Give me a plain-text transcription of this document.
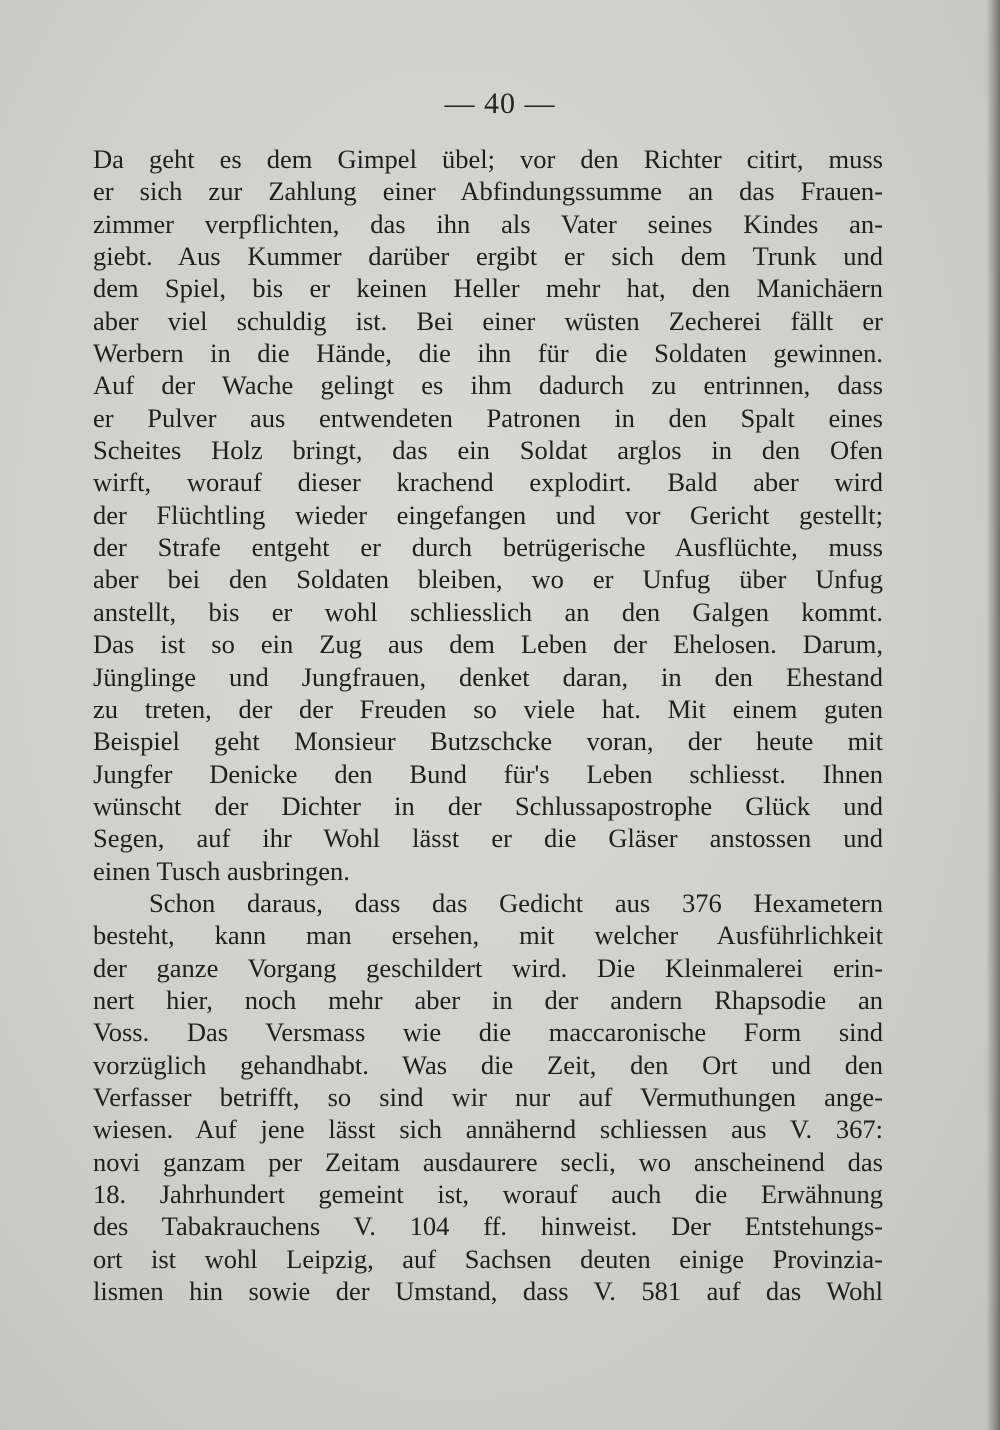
— 40 —

Da geht es dem Gimpel übel; vor den Richter citirt, muss
er sich zur Zahlung einer Abfindungssumme an das Frauen-
zimmer verpflichten, das ihn als Vater seines Kindes an-
giebt. Aus Kummer darüber ergibt er sich dem Trunk und
dem Spiel, bis er keinen Heller mehr hat, den Manichäern
aber viel schuldig ist. Bei einer wüsten Zecherei fällt er
Werbern in die Hände, die ihn für die Soldaten gewinnen.
Auf der Wache gelingt es ihm dadurch zu entrinnen, dass
er Pulver aus entwendeten Patronen in den Spalt eines
Scheites Holz bringt, das ein Soldat arglos in den Ofen
wirft, worauf dieser krachend explodirt. Bald aber wird
der Flüchtling wieder eingefangen und vor Gericht gestellt;
der Strafe entgeht er durch betrügerische Ausflüchte, muss
aber bei den Soldaten bleiben, wo er Unfug über Unfug
anstellt, bis er wohl schliesslich an den Galgen kommt.
Das ist so ein Zug aus dem Leben der Ehelosen. Darum,
Jünglinge und Jungfrauen, denket daran, in den Ehestand
zu treten, der der Freuden so viele hat. Mit einem guten
Beispiel geht Monsieur Butzschcke voran, der heute mit
Jungfer Denicke den Bund für's Leben schliesst. Ihnen
wünscht der Dichter in der Schlussapostrophe Glück und
Segen, auf ihr Wohl lässt er die Gläser anstossen und
einen Tusch ausbringen.
Schon daraus, dass das Gedicht aus 376 Hexametern
besteht, kann man ersehen, mit welcher Ausführlichkeit
der ganze Vorgang geschildert wird. Die Kleinmalerei erin-
nert hier, noch mehr aber in der andern Rhapsodie an
Voss. Das Versmass wie die maccaronische Form sind
vorzüglich gehandhabt. Was die Zeit, den Ort und den
Verfasser betrifft, so sind wir nur auf Vermuthungen ange-
wiesen. Auf jene lässt sich annähernd schliessen aus V. 367:
novi ganzam per Zeitam ausdaurere secli, wo anscheinend das
18. Jahrhundert gemeint ist, worauf auch die Erwähnung
des Tabakrauchens V. 104 ff. hinweist. Der Entstehungs-
ort ist wohl Leipzig, auf Sachsen deuten einige Provinzia-
lismen hin sowie der Umstand, dass V. 581 auf das Wohl
